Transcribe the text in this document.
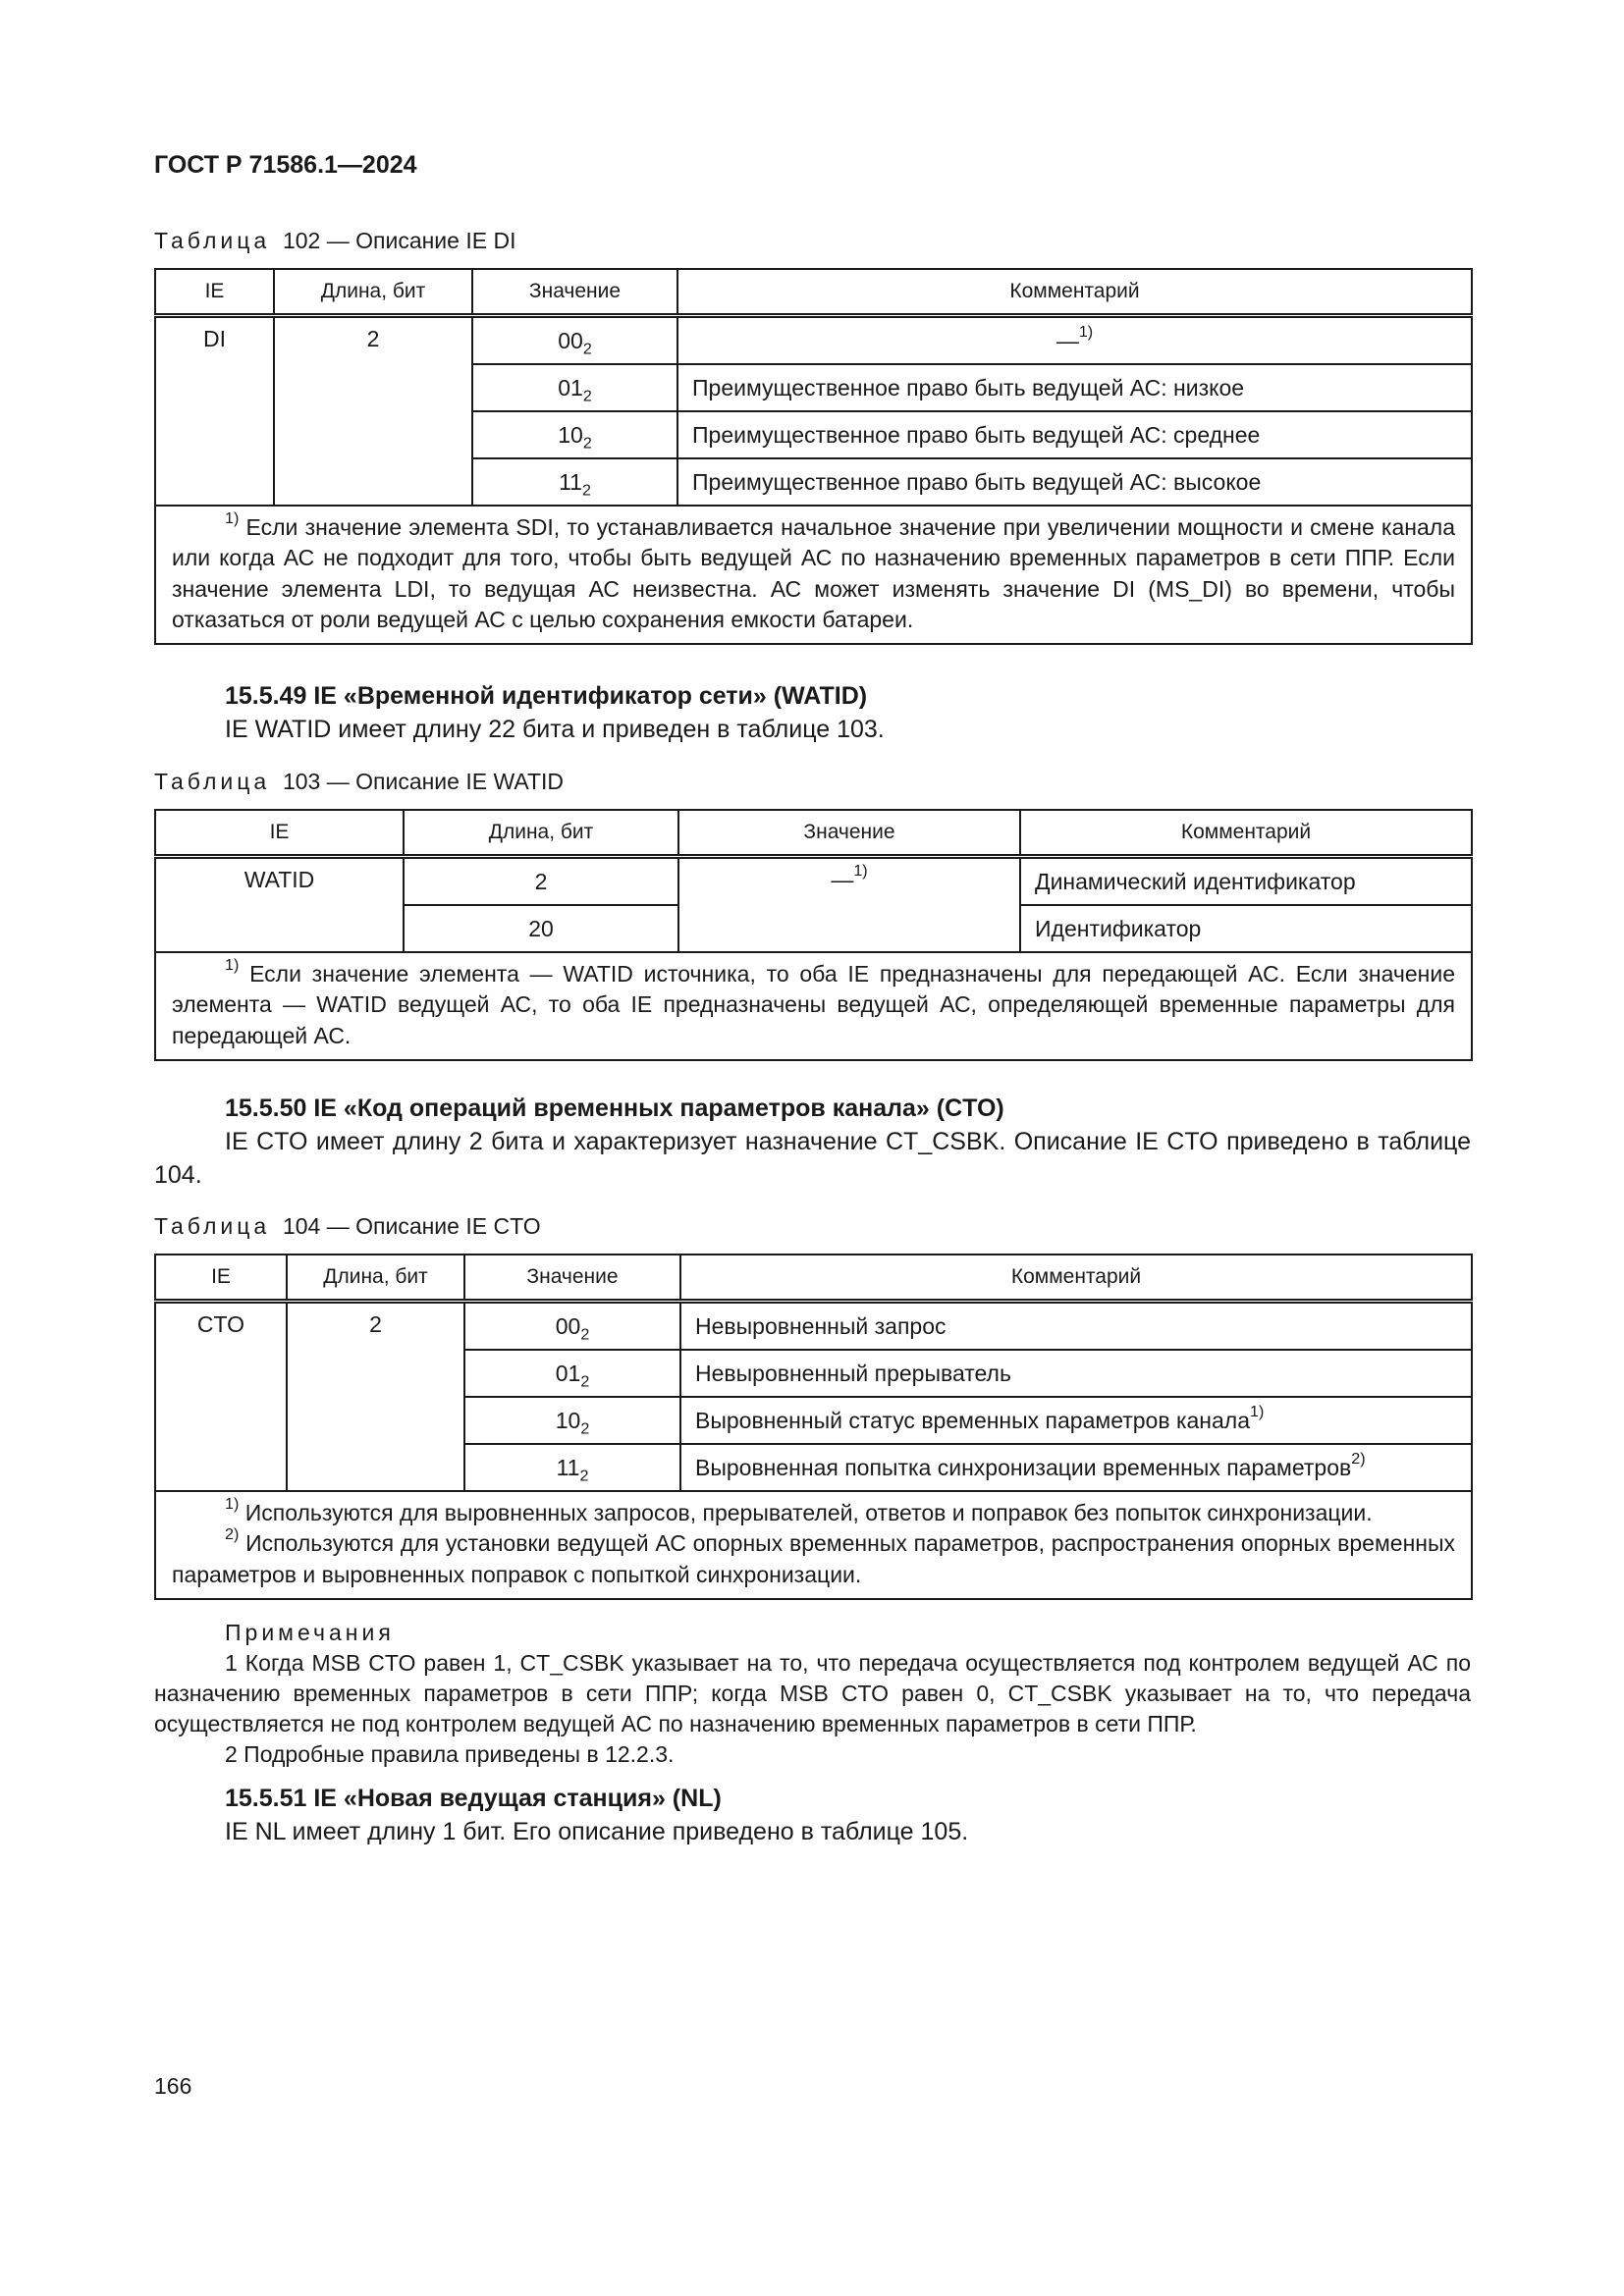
ГОСТ Р 71586.1—2024
Таблица 102 — Описание IE DI
IE	Длина, бит	Значение	Комментарий
DI	2	$00_2$	—$^{1)}$
		$01_2$	Преимущественное право быть ведущей АС: низкое
		$10_2$	Преимущественное право быть ведущей АС: среднее
		$11_2$	Преимущественное право быть ведущей АС: высокое

$^{1)}$ Если значение элемента SDI, то устанавливается начальное значение при увеличении мощности и смене канала или когда АС не подходит для того, чтобы быть ведущей АС по назначению временных параметров в сети ППР. Если значение элемента LDI, то ведущая АС неизвестна. АС может изменять значение DI (MS_DI) во времени, чтобы отказаться от роли ведущей АС с целью сохранения емкости батареи.			
15.5.49 IE «Временной идентификатор сети» (WATID)
IE WATID имеет длину 22 бита и приведен в таблице 103.
Таблица 103 — Описание IE WATID
IE	Длина, бит	Значение	Комментарий
WATID	2	—$^{1)}$	Динамический идентификатор
	20		Идентификатор

$^{1)}$ Если значение элемента — WATID источника, то оба IE предназначены для передающей АС. Если значение элемента — WATID ведущей АС, то оба IE предназначены ведущей АС, определяющей временные параметры для передающей АС.			
15.5.50 IE «Код операций временных параметров канала» (CTO)
IE CTO имеет длину 2 бита и характеризует назначение CT_CSBK. Описание IE CTO приведено в таблице 104.
Таблица 104 — Описание IE CTO
IE	Длина, бит	Значение	Комментарий
CTO	2	$00_2$	Невыровненный запрос
		$01_2$	Невыровненный прерыватель
		$10_2$	Выровненный статус временных параметров канала$^{1)}$
		$11_2$	Выровненная попытка синхронизации временных параметров$^{2)}$

$^{1)}$ Используются для выровненных запросов, прерывателей, ответов и поправок без попыток синхронизации.
$^{2)}$ Используются для установки ведущей АС опорных временных параметров, распространения опорных временных параметров и выровненных поправок с попыткой синхронизации.			
Примечания
1 Когда MSB CTO равен 1, CT_CSBK указывает на то, что передача осуществляется под контролем ведущей АС по назначению временных параметров в сети ППР; когда MSB CTO равен 0, CT_CSBK указывает на то, что передача осуществляется не под контролем ведущей АС по назначению временных параметров в сети ППР.
2 Подробные правила приведены в 12.2.3.
15.5.51 IE «Новая ведущая станция» (NL)
IE NL имеет длину 1 бит. Его описание приведено в таблице 105.
166
